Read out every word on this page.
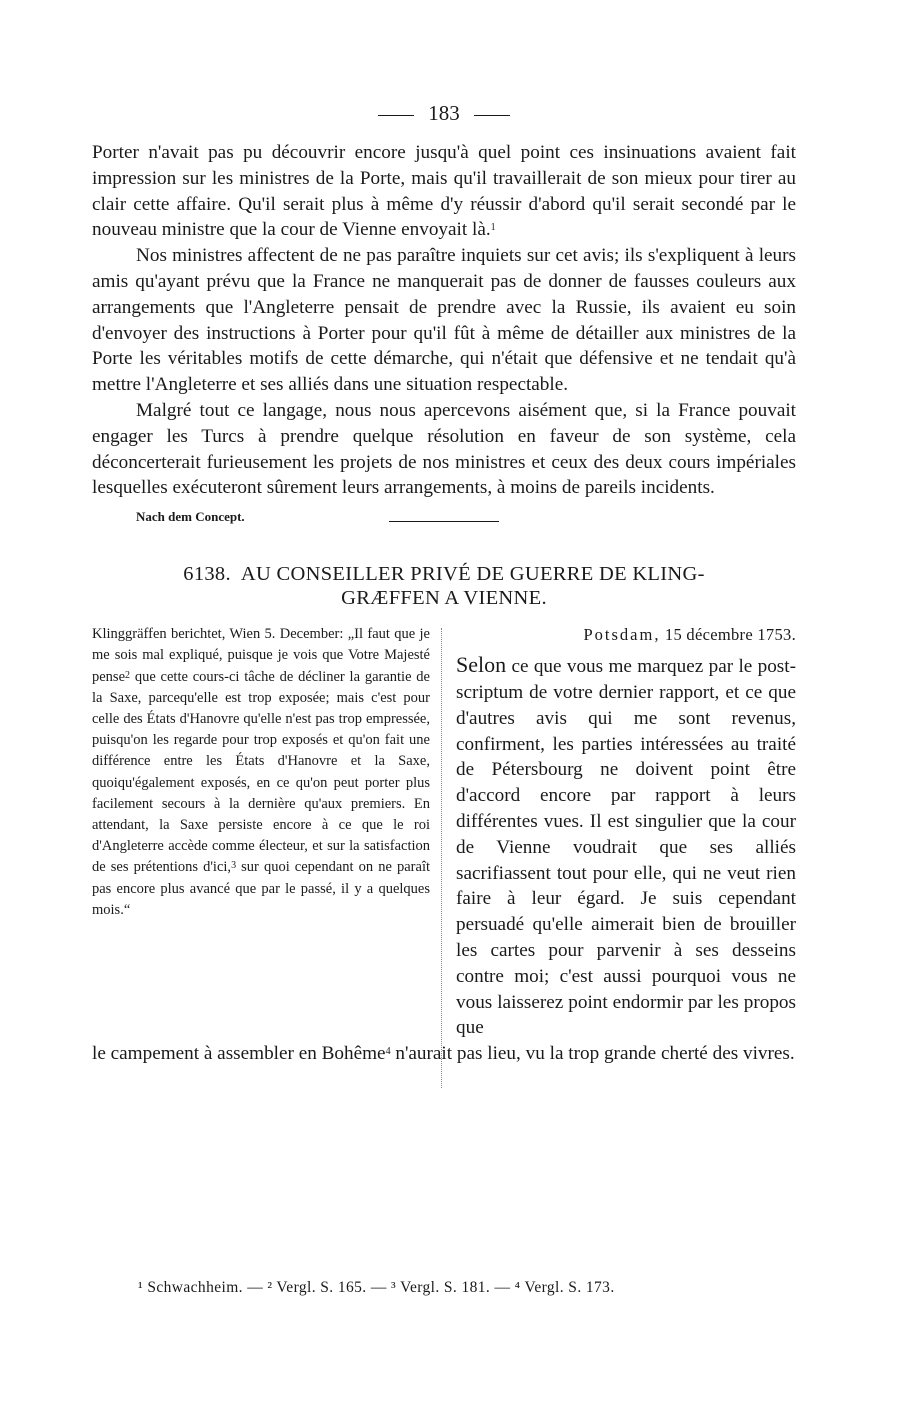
183

Porter n'avait pas pu découvrir encore jusqu'à quel point ces insinuations avaient fait impression sur les ministres de la Porte, mais qu'il travaillerait de son mieux pour tirer au clair cette affaire. Qu'il serait plus à même d'y réussir d'abord qu'il serait secondé par le nouveau ministre que la cour de Vienne envoyait là.$^1$

Nos ministres affectent de ne pas paraître inquiets sur cet avis; ils s'expliquent à leurs amis qu'ayant prévu que la France ne manquerait pas de donner de fausses couleurs aux arrangements que l'Angleterre pensait de prendre avec la Russie, ils avaient eu soin d'envoyer des instructions à Porter pour qu'il fût à même de détailler aux ministres de la Porte les véritables motifs de cette démarche, qui n'était que défensive et ne tendait qu'à mettre l'Angleterre et ses alliés dans une situation respectable.

Malgré tout ce langage, nous nous apercevons aisément que, si la France pouvait engager les Turcs à prendre quelque résolution en faveur de son système, cela déconcerterait furieusement les projets de nos ministres et ceux des deux cours impériales lesquelles exécuteront sûrement leurs arrangements, à moins de pareils incidents.

Nach dem Concept.
6138. AU CONSEILLER PRIVÉ DE GUERRE DE KLING-
GRÆFFEN A VIENNE.
Klinggräffen berichtet, Wien 5. December: „Il faut que je me sois mal expliqué, puisque je vois que Votre Majesté pense$^2$ que cette cours-ci tâche de décliner la garantie de la Saxe, parcequ'elle est trop exposée; mais c'est pour celle des États d'Hanovre qu'elle n'est pas trop empressée, puisqu'on les regarde pour trop exposés et qu'on fait une différence entre les États d'Hanovre et la Saxe, quoiqu'également exposés, en ce qu'on peut porter plus facilement secours à la dernière qu'aux premiers. En attendant, la Saxe persiste encore à ce que le roi d'Angleterre accède comme électeur, et sur la satisfaction de ses prétentions d'ici,$^3$ sur quoi cependant on ne paraît pas encore plus avancé que par le passé, il y a quelques mois.“
Potsdam, 15 décembre 1753.

Selon ce que vous me marquez par le post-scriptum de votre dernier rapport, et ce que d'autres avis qui me sont revenus, confirment, les parties intéressées au traité de Pétersbourg ne doivent point être d'accord encore par rapport à leurs différentes vues. Il est singulier que la cour de Vienne voudrait que ses alliés sacrifiassent tout pour elle, qui ne veut rien faire à leur égard. Je suis cependant persuadé qu'elle aimerait bien de brouiller les cartes pour parvenir à ses desseins contre moi; c'est aussi pourquoi vous ne vous laisserez point endormir par les propos que

le campement à assembler en Bohême$^4$ n'aurait pas lieu, vu la trop grande cherté des vivres.
¹ Schwachheim. — ² Vergl. S. 165. — ³ Vergl. S. 181. — ⁴ Vergl. S. 173.
